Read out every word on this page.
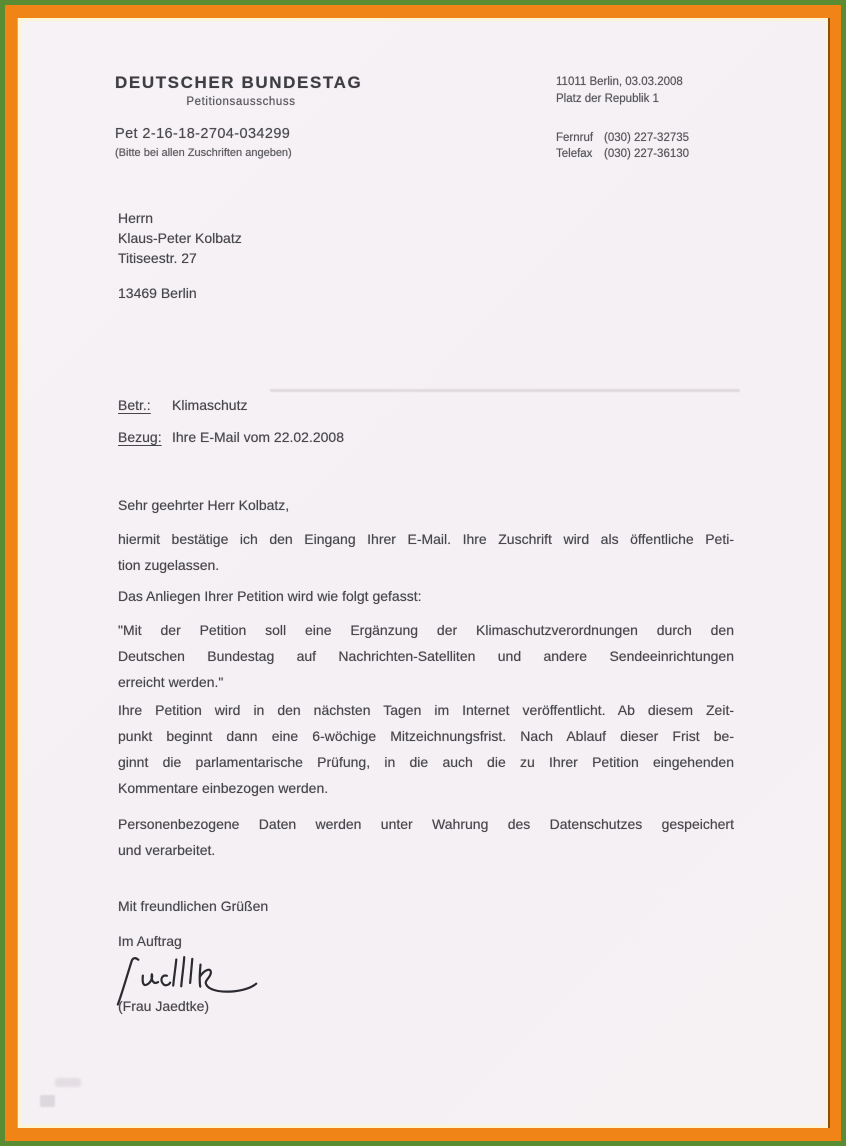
DEUTSCHER BUNDESTAG
Petitionsausschuss
11011 Berlin, 03.03.2008
Platz der Republik 1
Pet 2-16-18-2704-034299
(Bitte bei allen Zuschriften angeben)
Fernruf (030) 227-32735
Telefax (030) 227-36130
Herrn
Klaus-Peter Kolbatz
Titiseestr. 27
13469 Berlin
Betr.:	Klimaschutz
Bezug: Ihre E-Mail vom 22.02.2008
Sehr geehrter Herr Kolbatz,
hiermit bestätige ich den Eingang Ihrer E-Mail. Ihre Zuschrift wird als öffentliche Peti-
tion zugelassen.
Das Anliegen Ihrer Petition wird wie folgt gefasst:
"Mit der Petition soll eine Ergänzung der Klimaschutzverordnungen durch den
Deutschen Bundestag auf Nachrichten-Satelliten und andere Sendeeinrichtungen
erreicht werden."
Ihre Petition wird in den nächsten Tagen im Internet veröffentlicht. Ab diesem Zeit-
punkt beginnt dann eine 6-wöchige Mitzeichnungsfrist. Nach Ablauf dieser Frist be-
ginnt die parlamentarische Prüfung, in die auch die zu Ihrer Petition eingehenden
Kommentare einbezogen werden.
Personenbezogene Daten werden unter Wahrung des Datenschutzes gespeichert
und verarbeitet.
Mit freundlichen Grüßen
Im Auftrag
(Frau Jaedtke)
